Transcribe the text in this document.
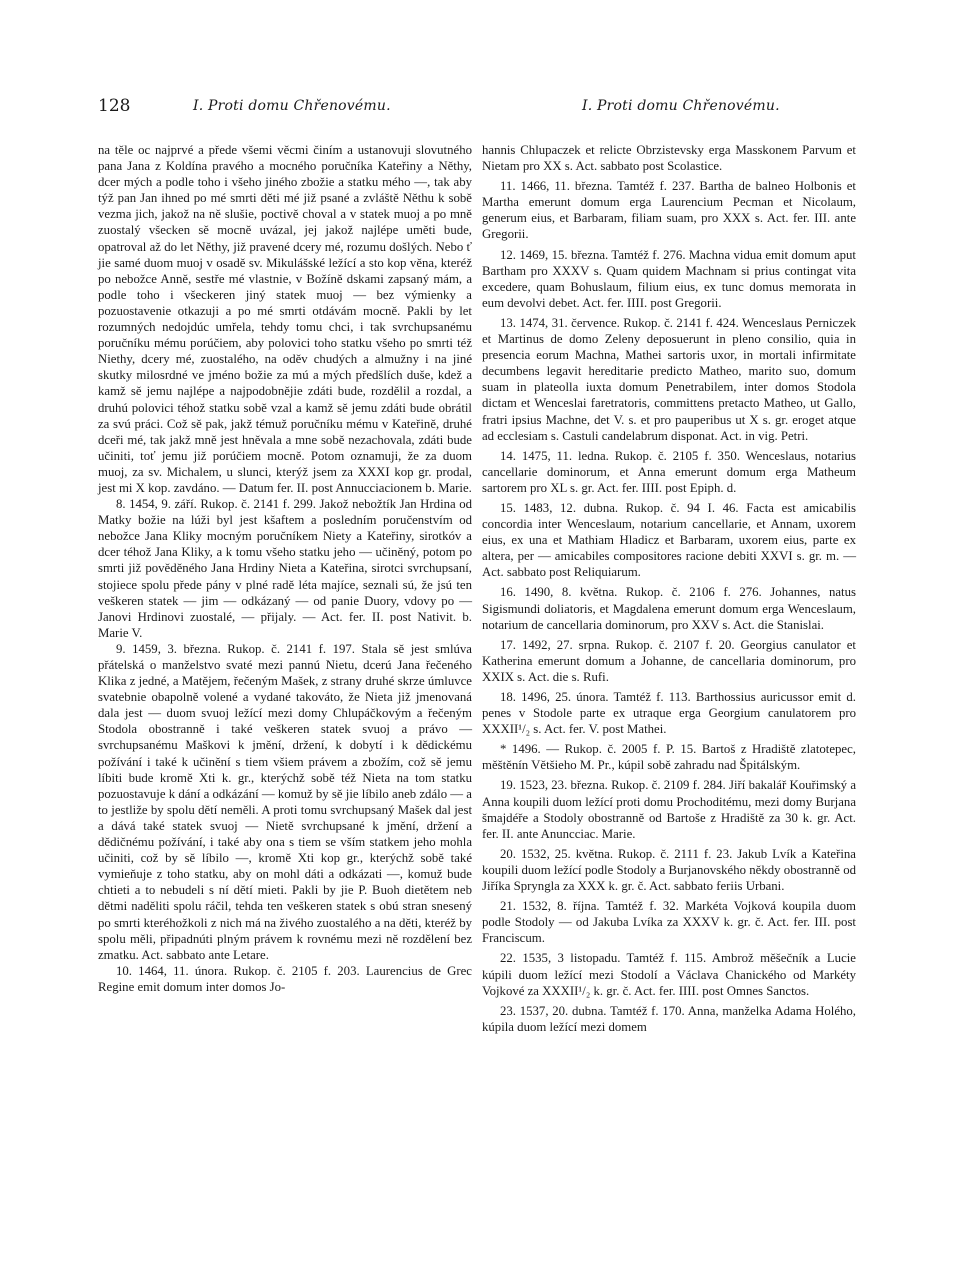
128	I. Proti domu Chřenovému.	I. Proti domu Chřenovému.

na těle oc najprvé a přede všemi věcmi činím a ustanovuji slovutného pana Jana z Koldína pravého a mocného poručníka Kateřiny a Něthy, dcer mých a podle toho i všeho jiného zbožie a statku mého —, tak aby týž pan Jan ihned po mé smrti děti mé již psané a zvláště Něthu k sobě vezma jich, jakož na ně slušie, poctivě choval a v statek muoj a po mně zuostalý všecken sě mocně uvázal, jej jakož najlépe uměti bude, opatroval až do let Něthy, již pravené dcery mé, rozumu došlých. Nebo ť jie samé duom muoj v osadě sv. Mikulášské ležící a sto kop věna, kteréž po nebožce Anně, sestře mé vlastnie, v Božíně dskami zapsaný mám, a podle toho i všeckeren jiný statek muoj — bez výmienky a pozuostavenie otkazuji a po mé smrti otdávám mocně. Pakli by let rozumných nedojdúc umřela, tehdy tomu chci, i tak svrchupsanému poručníku mému porúčiem, aby polovici toho statku všeho po smrti též Niethy, dcery mé, zuostalého, na oděv chudých a almužny i na jiné skutky milosrdné ve jméno božie za mú a mých předšlích duše, kdež a kamž sě jemu najlépe a najpodobnějie zdáti bude, rozdělil a rozdal, a druhú polovici téhož statku sobě vzal a kamž sě jemu zdáti bude obrátil za svú práci. Což sě pak, jakž témuž poručníku mému v Kateřině, druhé dceři mé, tak jakž mně jest hněvala a mne sobě nezachovala, zdáti bude učiniti, toť jemu již porúčiem mocně. Potom oznamuji, že za duom muoj, za sv. Michalem, u slunci, kterýž jsem za XXXI kop gr. prodal, jest mi X kop. zavdáno. — Datum fer. II. post Annucciacionem b. Marie.

8. 1454, 9. září. Rukop. č. 2141 f. 299. Jakož nebožtík Jan Hrdina od Matky božie na lúži byl jest kšaftem a posledním poručenstvím od nebožce Jana Kliky mocným poručníkem Niety a Kateřiny, sirotkóv a dcer téhož Jana Kliky, a k tomu všeho statku jeho — učiněný, potom po smrti již pověděného Jana Hrdiny Nieta a Kateřina, sirotci svrchupsaní, stojiece spolu přede pány v plné radě léta majíce, seznali sú, že jsú ten veškeren statek — jim — odkázaný — od panie Duory, vdovy po — Janovi Hrdinovi zuostalé, — přijaly. — Act. fer. II. post Nativit. b. Marie V.

9. 1459, 3. března. Rukop. č. 2141 f. 197. Stala sě jest smlúva přátelská o manželstvo svaté mezi pannú Nietu, dcerú Jana řečeného Klika z jedné, a Matějem, řečeným Mašek, z strany druhé skrze úmluvce svatebnie obapolně volené a vydané takováto, že Nieta již jmenovaná dala jest — duom svuoj ležící mezi domy Chlupáčkovým a řečeným Stodola obostranně i také veškeren statek svuoj a právo — svrchupsanému Maškovi k jmění, držení, k dobytí i k dědickému požívání i také k učinění s tiem všiem právem a zbožím, což sě jemu líbiti bude kromě Xti k. gr., kterýchž sobě též Nieta na tom statku pozuostavuje k dání a odkázání — komuž by sě jie líbilo aneb zdálo — a to jestliže by spolu dětí neměli. A proti tomu svrchupsaný Mašek dal jest a dává také statek svuoj — Nietě svrchupsané k jmění, držení a dědičnému požívání, i také aby ona s tiem se vším statkem jeho mohla učiniti, což by sě líbilo —, kromě Xti kop gr., kterýchž sobě také vymieňuje z toho statku, aby on mohl dáti a odkázati —, komuž bude chtieti a to nebudeli s ní dětí mieti. Pakli by jie P. Buoh dietětem neb dětmi naděliti spolu ráčil, tehda ten veškeren statek s obú stran snesený po smrti kteréhožkoli z nich má na živého zuostalého a na děti, kteréž by spolu měli, připadnúti plným právem k rovnému mezi ně rozdělení bez zmatku. Act. sabbato ante Letare.

10. 1464, 11. února. Rukop. č. 2105 f. 203. Laurencius de Grec Regine emit domum inter domos Jo-

hannis Chlupaczek et relicte Obrzistevsky erga Masskonem Parvum et Nietam pro XX s. Act. sabbato post Scolastice.

11. 1466, 11. března. Tamtéž f. 237. Bartha de balneo Holbonis et Martha emerunt domum erga Laurencium Pecman et Nicolaum, generum eius, et Barbaram, filiam suam, pro XXX s. Act. fer. III. ante Gregorii.

12. 1469, 15. března. Tamtéž f. 276. Machna vidua emit domum aput Bartham pro XXXV s. Quam quidem Machnam si prius contingat vita excedere, quam Bohuslaum, filium eius, ex tunc domus memorata in eum devolvi debet. Act. fer. IIII. post Gregorii.

13. 1474, 31. července. Rukop. č. 2141 f. 424. Wenceslaus Perniczek et Martinus de domo Zeleny deposuerunt in pleno consilio, quia in presencia eorum Machna, Mathei sartoris uxor, in mortali infirmitate decumbens legavit hereditarie predicto Matheo, marito suo, domum suam in plateolla iuxta domum Penetrabilem, inter domos Stodola dictam et Wenceslai faretratoris, committens pretacto Matheo, ut Gallo, fratri ipsius Machne, det V. s. et pro pauperibus ut X s. gr. eroget atque ad ecclesiam s. Castuli candelabrum disponat. Act. in vig. Petri.

14. 1475, 11. ledna. Rukop. č. 2105 f. 350. Wenceslaus, notarius cancellarie dominorum, et Anna emerunt domum erga Matheum sartorem pro XL s. gr. Act. fer. IIII. post Epiph. d.

15. 1483, 12. dubna. Rukop. č. 94 I. 46. Facta est amicabilis concordia inter Wenceslaum, notarium cancellarie, et Annam, uxorem eius, ex una et Mathiam Hladicz et Barbaram, uxorem eius, parte ex altera, per — amicabiles compositores racione debiti XXVI s. gr. m. — Act. sabbato post Reliquiarum.

16. 1490, 8. května. Rukop. č. 2106 f. 276. Johannes, natus Sigismundi doliatoris, et Magdalena emerunt domum erga Wenceslaum, notarium de cancellaria dominorum, pro XXV s. Act. die Stanislai.

17. 1492, 27. srpna. Rukop. č. 2107 f. 20. Georgius canulator et Katherina emerunt domum a Johanne, de cancellaria dominorum, pro XXIX s. Act. die s. Rufi.

18. 1496, 25. února. Tamtéž f. 113. Barthossius auricussor emit d. penes v Stodole parte ex utraque erga Georgium canulatorem pro XXXII¹/₂ s. Act. fer. V. post Mathei.

* 1496. — Rukop. č. 2005 f. P. 15. Bartoš z Hradiště zlatotepec, měštěnín Většieho M. Pr., kúpil sobě zahradu nad Špitálským.

19. 1523, 23. března. Rukop. č. 2109 f. 284. Jiří bakalář Kouřimský a Anna koupili duom ležící proti domu Prochoditému, mezi domy Burjana šmajdéře a Stodoly obostranně od Bartoše z Hradiště za 30 k. gr. Act. fer. II. ante Anuncciac. Marie.

20. 1532, 25. května. Rukop. č. 2111 f. 23. Jakub Lvík a Kateřina koupili duom ležící podle Stodoly a Burjanovského někdy obostranně od Jiříka Spryngla za XXX k. gr. č. Act. sabbato feriis Urbani.

21. 1532, 8. října. Tamtéž f. 32. Markéta Vojková koupila duom podle Stodoly — od Jakuba Lvíka za XXXV k. gr. č. Act. fer. III. post Franciscum.

22. 1535, 3 listopadu. Tamtéž f. 115. Ambrož měšečník a Lucie kúpili duom ležící mezi Stodolí a Václava Chanického od Markéty Vojkové za XXXII¹/₂ k. gr. č. Act. fer. IIII. post Omnes Sanctos.

23. 1537, 20. dubna. Tamtéž f. 170. Anna, manželka Adama Holého, kúpila duom ležící mezi domem
